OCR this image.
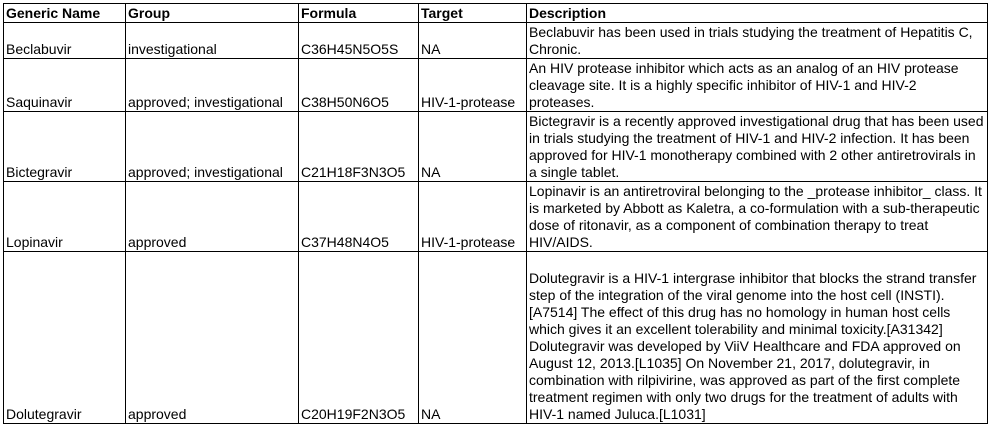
Generic Name	Group	Formula	Target	Description
Beclabuvir	investigational	C36H45N5O5S	NA	Beclabuvir has been used in trials studying the treatment of Hepatitis C, Chronic.
Saquinavir	approved; investigational	C38H50N6O5	HIV-1-protease	An HIV protease inhibitor which acts as an analog of an HIV protease cleavage site. It is a highly specific inhibitor of HIV-1 and HIV-2 proteases.
Bictegravir	approved; investigational	C21H18F3N3O5	NA	Bictegravir is a recently approved investigational drug that has been used in trials studying the treatment of HIV-1 and HIV-2 infection. It has been approved for HIV-1 monotherapy combined with 2 other antiretrovirals in a single tablet.
Lopinavir	approved	C37H48N4O5	HIV-1-protease	Lopinavir is an antiretroviral belonging to the _protease inhibitor_ class. It is marketed by Abbott as Kaletra, a co-formulation with a sub-therapeutic dose of ritonavir, as a component of combination therapy to treat HIV/AIDS.
Dolutegravir	approved	C20H19F2N3O5	NA	Dolutegravir is a HIV-1 intergrase inhibitor that blocks the strand transfer step of the integration of the viral genome into the host cell (INSTI).[A7514] The effect of this drug has no homology in human host cells which gives it an excellent tolerability and minimal toxicity.[A31342] Dolutegravir was developed by ViiV Healthcare and FDA approved on August 12, 2013.[L1035] On November 21, 2017, dolutegravir, in combination with rilpivirine, was approved as part of the first complete treatment regimen with only two drugs for the treatment of adults with HIV-1 named Juluca.[L1031]
